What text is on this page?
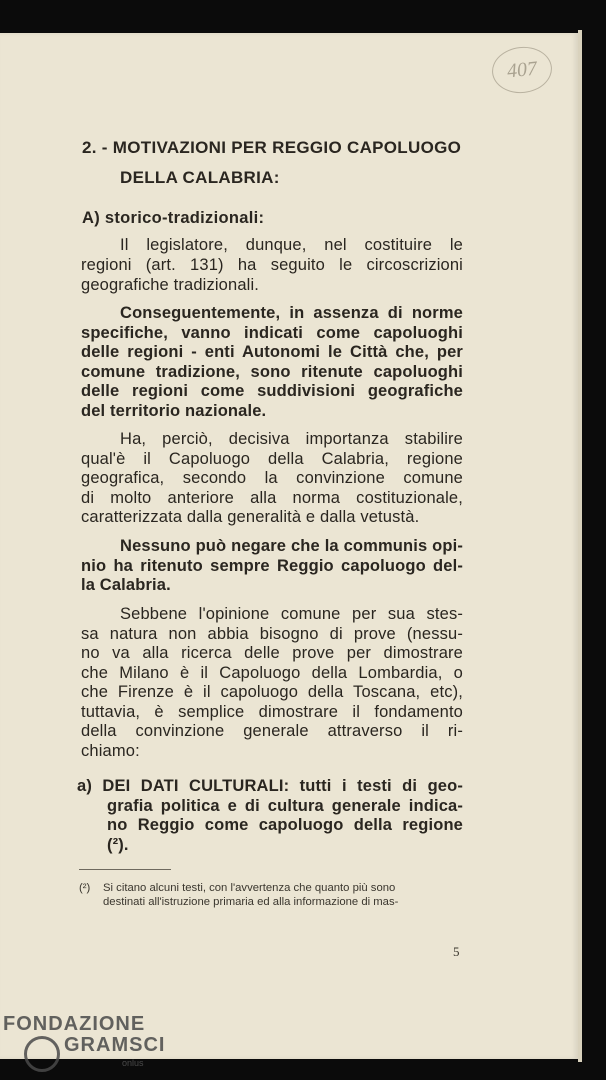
407
2. - MOTIVAZIONI PER REGGIO CAPOLUOGO
DELLA CALABRIA:
A) storico-tradizionali:
Il legislatore, dunque, nel costituire le
regioni (art. 131) ha seguito le circoscrizioni
geografiche tradizionali.
Conseguentemente, in assenza di norme
specifiche, vanno indicati come capoluoghi
delle regioni - enti Autonomi le Città che, per
comune tradizione, sono ritenute capoluoghi
delle regioni come suddivisioni geografiche
del territorio nazionale.
Ha, perciò, decisiva importanza stabilire
qual'è il Capoluogo della Calabria, regione
geografica, secondo la convinzione comune
di molto anteriore alla norma costituzionale,
caratterizzata dalla generalità e dalla vetustà.
Nessuno può negare che la communis opi-
nio ha ritenuto sempre Reggio capoluogo del-
la Calabria.
Sebbene l'opinione comune per sua stes-
sa natura non abbia bisogno di prove (nessu-
no va alla ricerca delle prove per dimostrare
che Milano è il Capoluogo della Lombardia, o
che Firenze è il capoluogo della Toscana, etc),
tuttavia, è semplice dimostrare il fondamento
della convinzione generale attraverso il ri-
chiamo:
a) DEI DATI CULTURALI: tutti i testi di geo-
grafia politica e di cultura generale indica-
no Reggio come capoluogo della regione
(²).
(²) Si citano alcuni testi, con l'avvertenza che quanto più sono
destinati all'istruzione primaria ed alla informazione di mas-
5
FONDAZIONE
GRAMSCI
onlus
